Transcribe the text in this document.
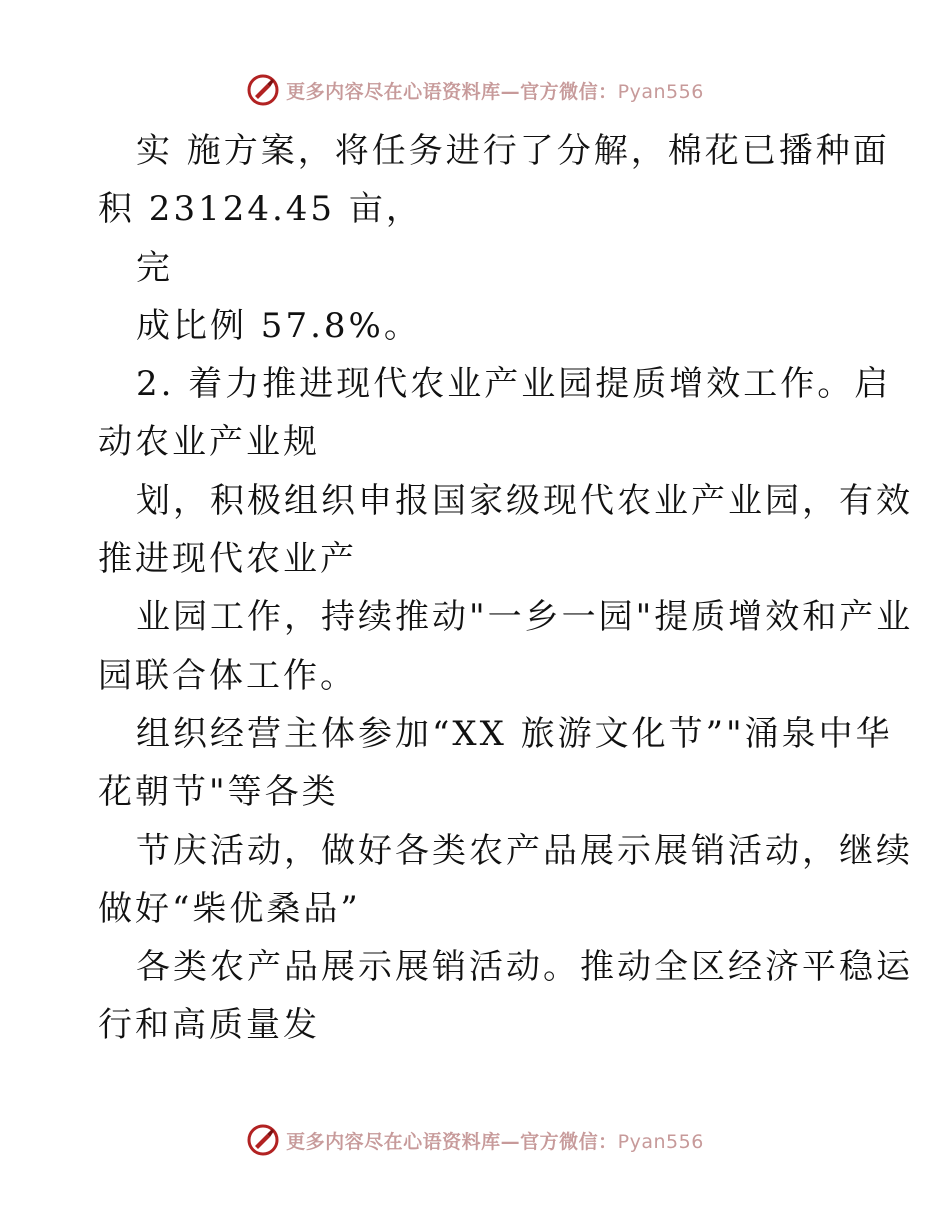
更多内容尽在心语资料库—官方微信：Pyan556
实 施方案，将任务进行了分解，棉花已播种面
积 23124.45 亩，
完
成比例 57.8%。
2. 着力推进现代农业产业园提质增效工作。启
动农业产业规
划，积极组织申报国家级现代农业产业园，有效
推进现代农业产
业园工作，持续推动"一乡一园"提质增效和产业
园联合体工作。
组织经营主体参加“XX 旅游文化节”"涌泉中华
花朝节"等各类
节庆活动，做好各类农产品展示展销活动，继续
做好“柴优桑品”
各类农产品展示展销活动。推动全区经济平稳运
行和高质量发
更多内容尽在心语资料库—官方微信：Pyan556
